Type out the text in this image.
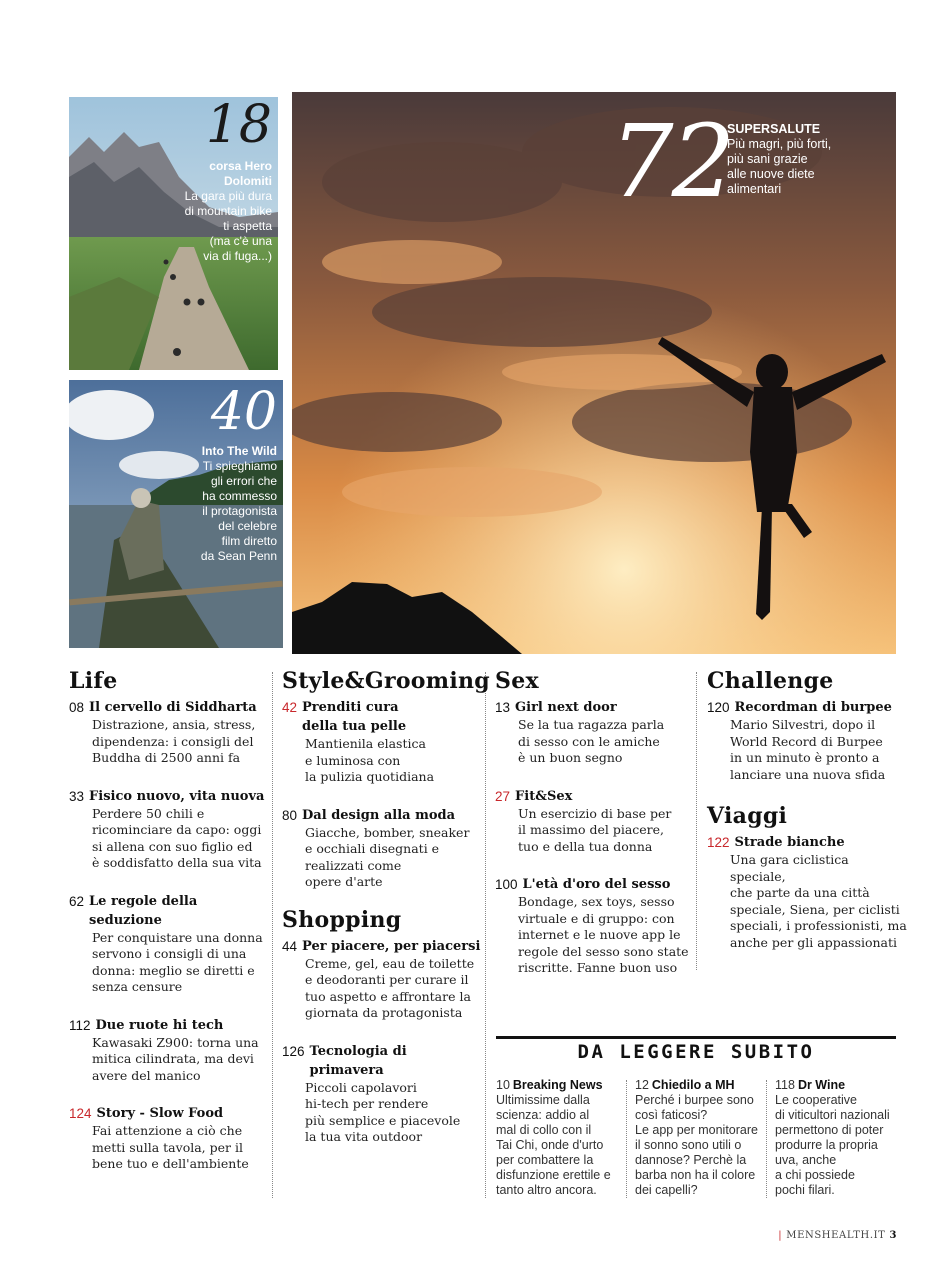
18
corsa Hero
Dolomiti
La gara più dura
di mountain bike
ti aspetta
(ma c'è una
via di fuga...)
40
Into The Wild
Ti spieghiamo
gli errori che
ha commesso
il protagonista
del celebre
film diretto
da Sean Penn
72
SUPERSALUTE
Più magri, più forti,
più sani grazie
alle nuove diete
alimentari
Life
08 Il cervello di Siddharta
Distrazione, ansia, stress,
dipendenza: i consigli del
Buddha di 2500 anni fa
33 Fisico nuovo, vita nuova
Perdere 50 chili e
ricominciare da capo: oggi
si allena con suo figlio ed
è soddisfatto della sua vita
62 Le regole della seduzione
Per conquistare una donna
servono i consigli di una
donna: meglio se diretti e
senza censure
112 Due ruote hi tech
Kawasaki Z900: torna una
mitica cilindrata, ma devi
avere del manico
124 Story - Slow Food
Fai attenzione a ciò che
metti sulla tavola, per il
bene tuo e dell'ambiente
Style&Grooming
42 Prenditi cura della tua pelle
Mantienila elastica
e luminosa con
la pulizia quotidiana
80 Dal design alla moda
Giacche, bomber, sneaker
e occhiali disegnati e
realizzati come
opere d'arte
Shopping
44 Per piacere, per piacersi
Creme, gel, eau de toilette
e deodoranti per curare il
tuo aspetto e affrontare la
giornata da protagonista
126 Tecnologia di primavera
Piccoli capolavori
hi-tech per rendere
più semplice e piacevole
la tua vita outdoor
Sex
13 Girl next door
Se la tua ragazza parla
di sesso con le amiche
è un buon segno
27 Fit&Sex
Un esercizio di base per
il massimo del piacere,
tuo e della tua donna
100 L'età d'oro del sesso
Bondage, sex toys, sesso
virtuale e di gruppo: con
internet e le nuove app le
regole del sesso sono state
riscritte. Fanne buon uso
Challenge
120 Recordman di burpee
Mario Silvestri, dopo il
World Record di Burpee
in un minuto è pronto a
lanciare una nuova sfida
Viaggi
122 Strade bianche
Una gara ciclistica speciale,
che parte da una città
speciale, Siena, per ciclisti
speciali, i professionisti, ma
anche per gli appassionati
DA LEGGERE SUBITO
10 Breaking News
Ultimissime dalla
scienza: addio al
mal di collo con il
Tai Chi, onde d'urto
per combattere la
disfunzione erettile e
tanto altro ancora.
12 Chiedilo a MH
Perché i burpee sono
così faticosi?
Le app per monitorare
il sonno sono utili o
dannose? Perchè la
barba non ha il colore
dei capelli?
118 Dr Wine
Le cooperative
di viticultori nazionali
permettono di poter
produrre la propria
uva, anche
a chi possiede
pochi filari.
| MENSHEALTH.IT 3
